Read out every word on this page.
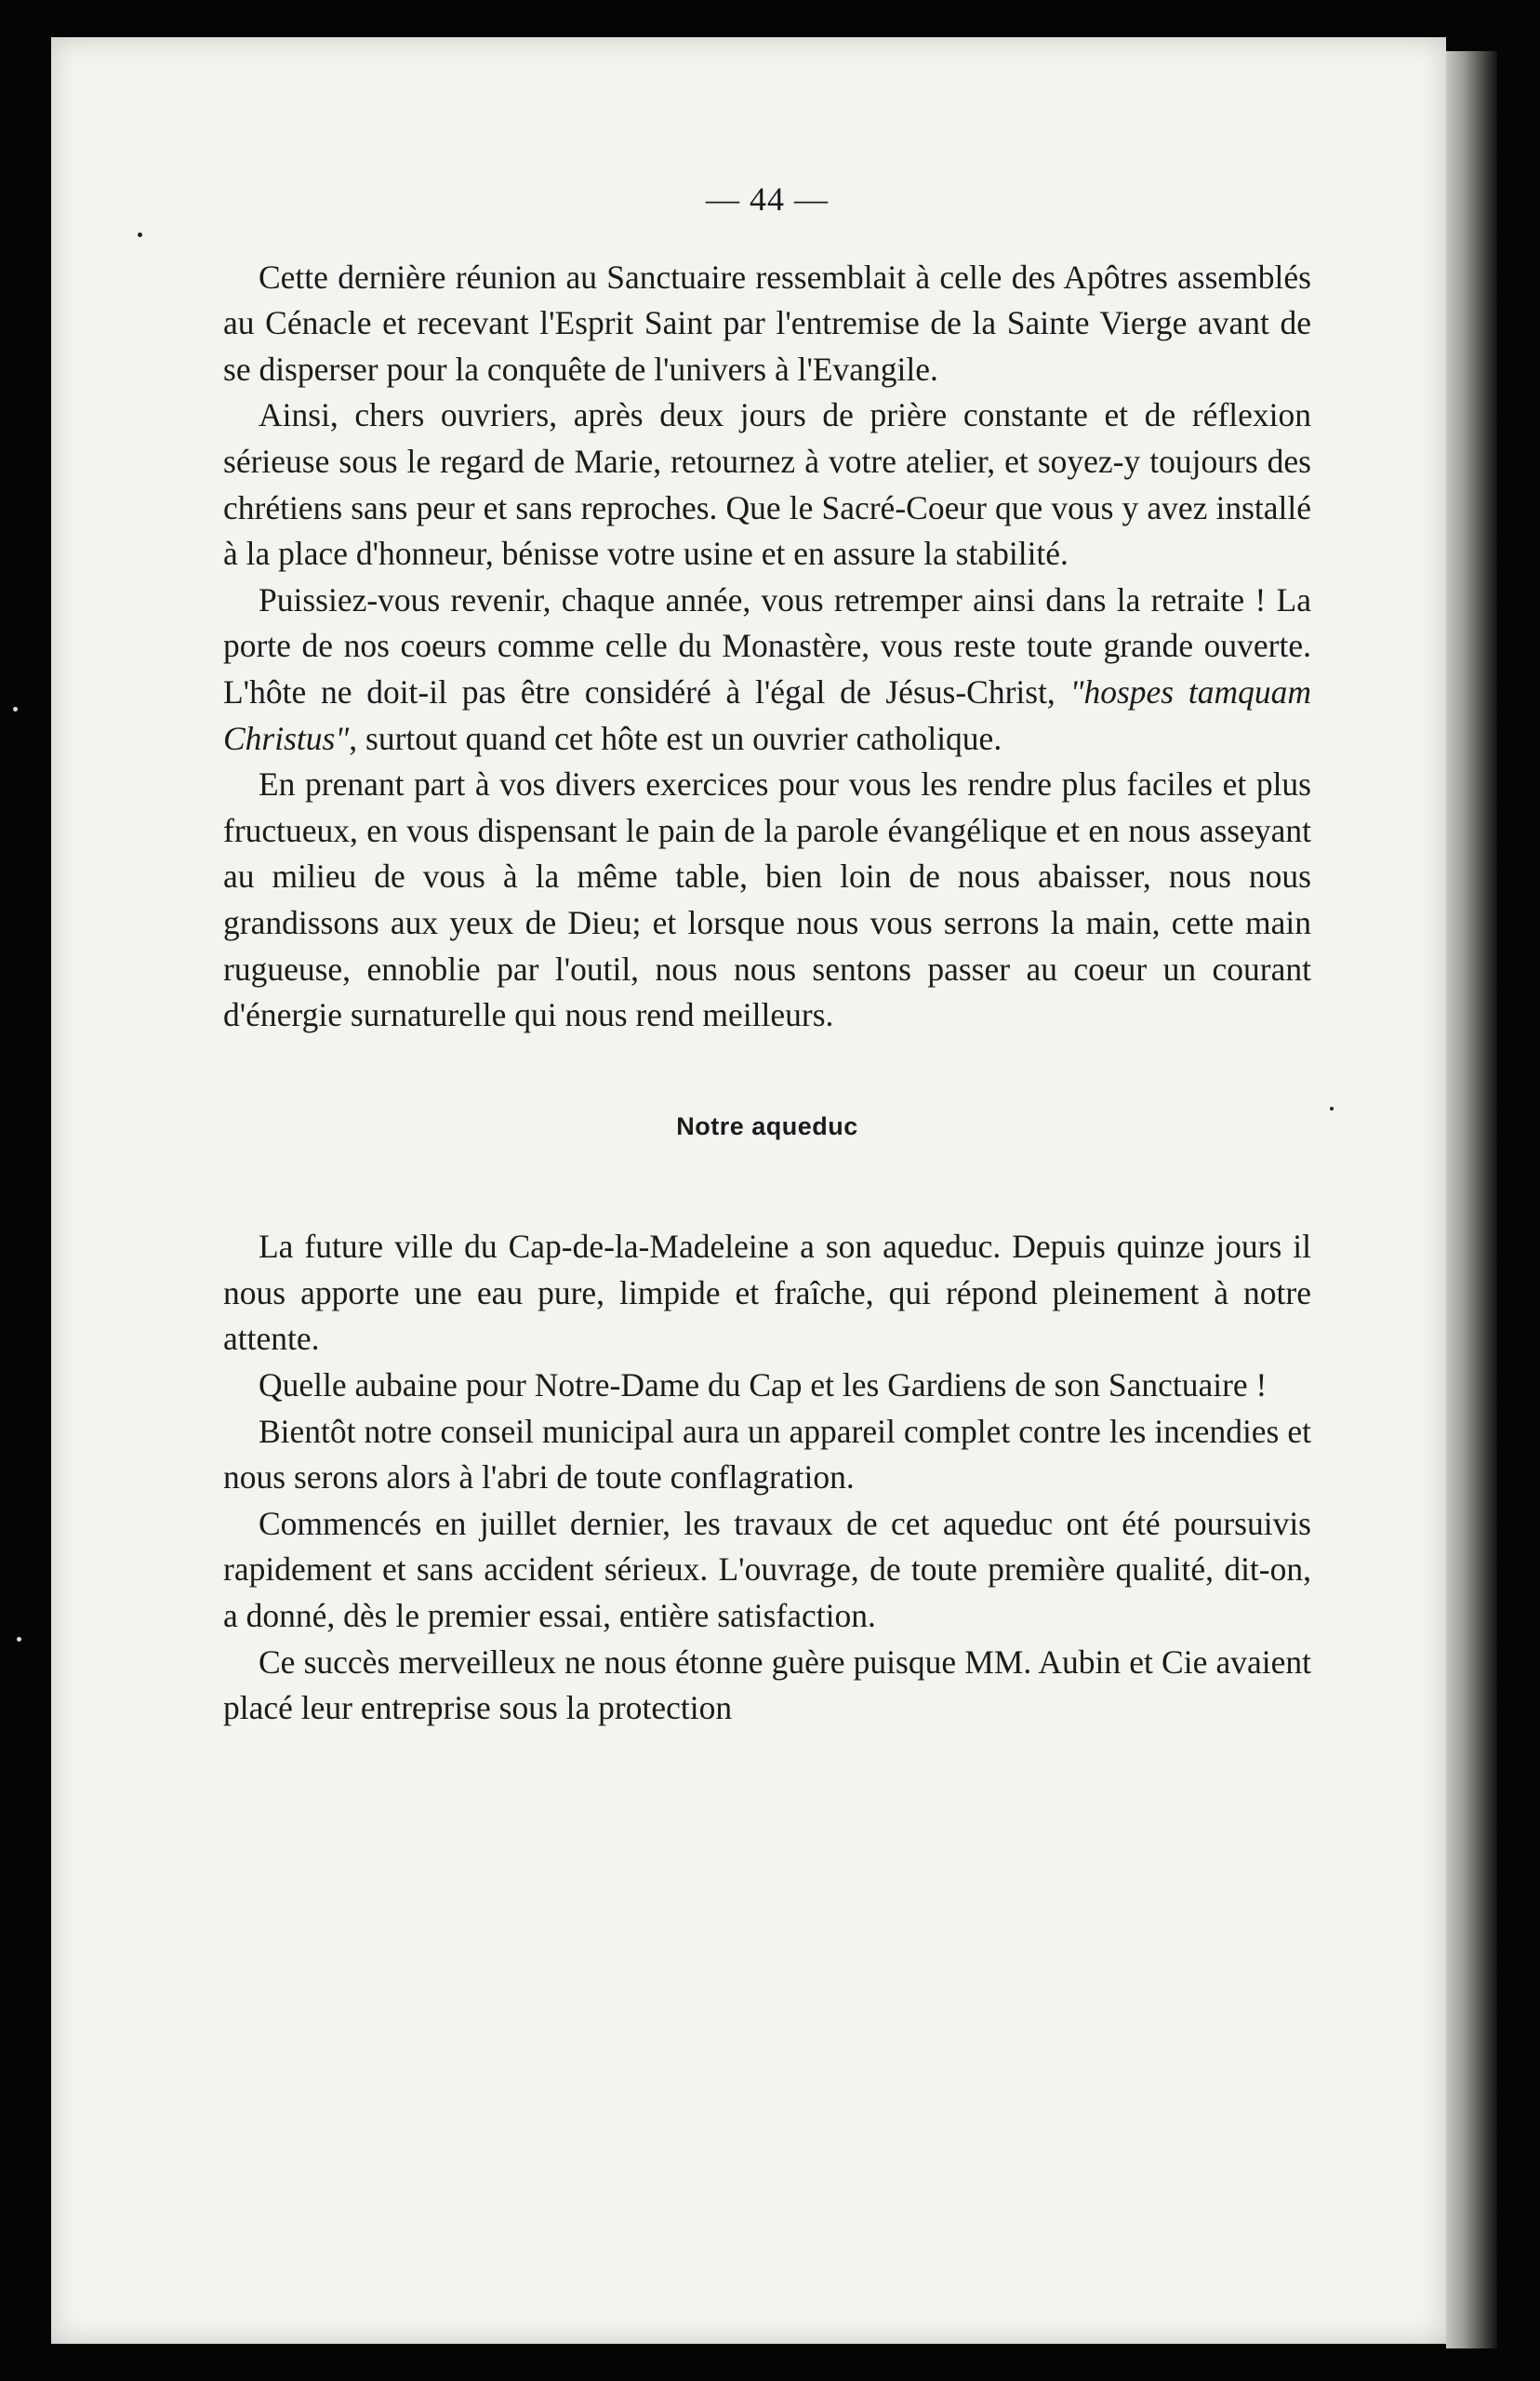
— 44 —

Cette dernière réunion au Sanctuaire ressemblait à celle des Apôtres assemblés au Cénacle et recevant l'Esprit Saint par l'entremise de la Sainte Vierge avant de se disperser pour la conquête de l'univers à l'Evangile.

Ainsi, chers ouvriers, après deux jours de prière constante et de réflexion sérieuse sous le regard de Marie, retournez à votre atelier, et soyez-y toujours des chrétiens sans peur et sans reproches. Que le Sacré-Coeur que vous y avez installé à la place d'honneur, bénisse votre usine et en assure la stabilité.

Puissiez-vous revenir, chaque année, vous retremper ainsi dans la retraite ! La porte de nos coeurs comme celle du Monastère, vous reste toute grande ouverte. L'hôte ne doit-il pas être considéré à l'égal de Jésus-Christ, "hospes tamquam Christus", surtout quand cet hôte est un ouvrier catholique.

En prenant part à vos divers exercices pour vous les rendre plus faciles et plus fructueux, en vous dispensant le pain de la parole évangélique et en nous asseyant au milieu de vous à la même table, bien loin de nous abaisser, nous nous grandissons aux yeux de Dieu; et lorsque nous vous serrons la main, cette main rugueuse, ennoblie par l'outil, nous nous sentons passer au coeur un courant d'énergie surnaturelle qui nous rend meilleurs.

Notre aqueduc

La future ville du Cap-de-la-Madeleine a son aqueduc. Depuis quinze jours il nous apporte une eau pure, limpide et fraîche, qui répond pleinement à notre attente.

Quelle aubaine pour Notre-Dame du Cap et les Gardiens de son Sanctuaire !

Bientôt notre conseil municipal aura un appareil complet contre les incendies et nous serons alors à l'abri de toute conflagration.

Commencés en juillet dernier, les travaux de cet aqueduc ont été poursuivis rapidement et sans accident sérieux. L'ouvrage, de toute première qualité, dit-on, a donné, dès le premier essai, entière satisfaction.

Ce succès merveilleux ne nous étonne guère puisque MM. Aubin et Cie avaient placé leur entreprise sous la protection
